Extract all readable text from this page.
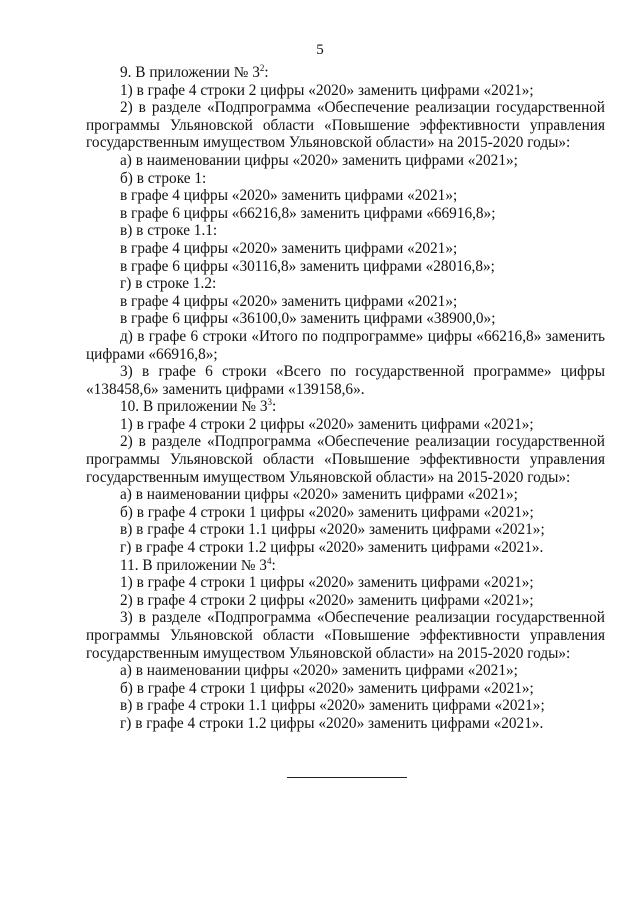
5

9. В приложении № $3^2$:

1) в графе 4 строки 2 цифры «2020» заменить цифрами «2021»;

2) в разделе «Подпрограмма «Обеспечение реализации государственной

программы Ульяновской области «Повышение эффективности управления

государственным имуществом Ульяновской области» на 2015-2020 годы»:

а) в наименовании цифры «2020» заменить цифрами «2021»;

б) в строке 1:

в графе 4 цифры «2020» заменить цифрами «2021»;

в графе 6 цифры «66216,8» заменить цифрами «66916,8»;

в) в строке 1.1:

в графе 4 цифры «2020» заменить цифрами «2021»;

в графе 6 цифры «30116,8» заменить цифрами «28016,8»;

г) в строке 1.2:

в графе 4 цифры «2020» заменить цифрами «2021»;

в графе 6 цифры «36100,0» заменить цифрами «38900,0»;

д) в графе 6 строки «Итого по подпрограмме» цифры «66216,8» заменить

цифрами «66916,8»;

3) в графе 6 строки «Всего по государственной программе» цифры

«138458,6» заменить цифрами «139158,6».

10. В приложении № $3^3$:

1) в графе 4 строки 2 цифры «2020» заменить цифрами «2021»;

2) в разделе «Подпрограмма «Обеспечение реализации государственной

программы Ульяновской области «Повышение эффективности управления

государственным имуществом Ульяновской области» на 2015-2020 годы»:

а) в наименовании цифры «2020» заменить цифрами «2021»;

б) в графе 4 строки 1 цифры «2020» заменить цифрами «2021»;

в) в графе 4 строки 1.1 цифры «2020» заменить цифрами «2021»;

г) в графе 4 строки 1.2 цифры «2020» заменить цифрами «2021».

11. В приложении № $3^4$:

1) в графе 4 строки 1 цифры «2020» заменить цифрами «2021»;

2) в графе 4 строки 2 цифры «2020» заменить цифрами «2021»;

3) в разделе «Подпрограмма «Обеспечение реализации государственной

программы Ульяновской области «Повышение эффективности управления

государственным имуществом Ульяновской области» на 2015-2020 годы»:

а) в наименовании цифры «2020» заменить цифрами «2021»;

б) в графе 4 строки 1 цифры «2020» заменить цифрами «2021»;

в) в графе 4 строки 1.1 цифры «2020» заменить цифрами «2021»;

г) в графе 4 строки 1.2 цифры «2020» заменить цифрами «2021».
